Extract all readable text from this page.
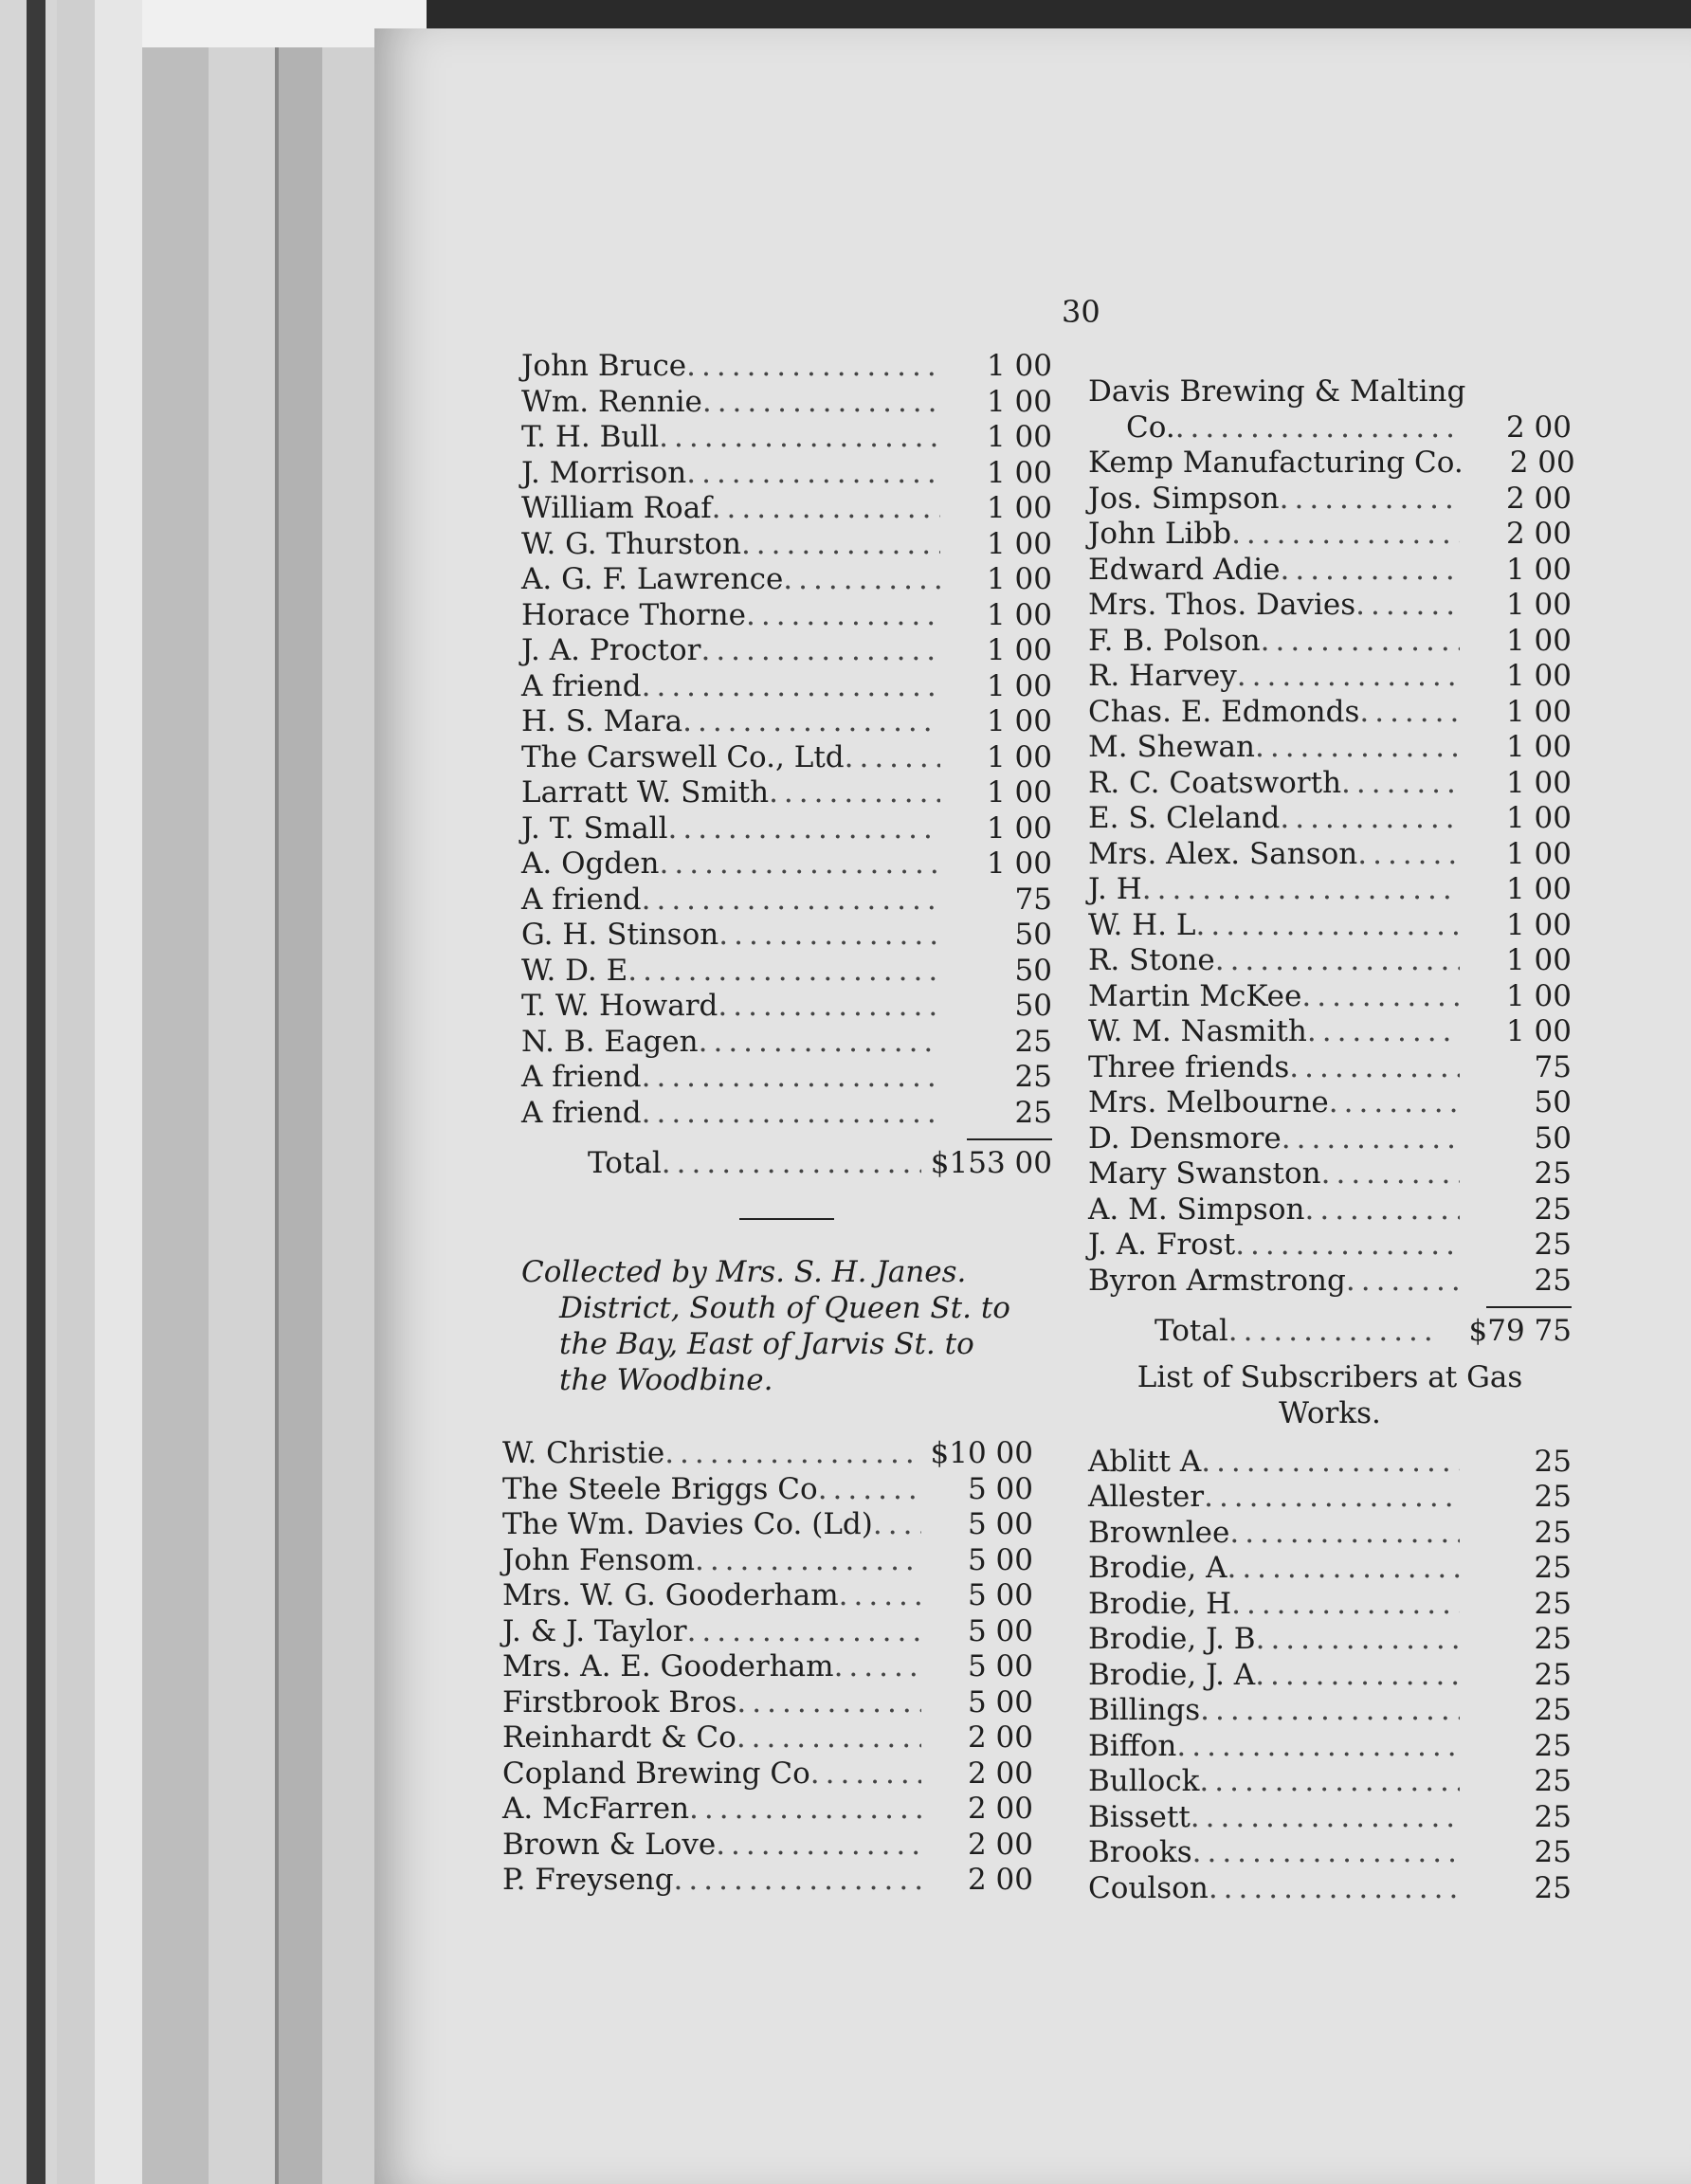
30
John Bruce .....	1 00
Wm. Rennie .....	1 00
T. H. Bull .....	1 00
J. Morrison .....	1 00
William Roaf .....	1 00
W. G. Thurston .....	1 00
A. G. F. Lawrence .....	1 00
Horace Thorne .....	1 00
J. A. Proctor .....	1 00
A friend .....	1 00
H. S. Mara .....	1 00
The Carswell Co., Ltd .....	1 00
Larratt W. Smith .....	1 00
J. T. Small .....	1 00
A. Ogden .....	1 00
A friend .....	75
G. H. Stinson .....	50
W. D. E .....	50
T. W. Howard .....	50
N. B. Eagen .....	25
A friend .....	25
A friend .....	25
Total .....	$153 00
Collected by Mrs. S. H. Janes.
District, South of Queen St. to
the Bay, East of Jarvis St. to
the Woodbine.
W. Christie .....	$10 00
The Steele Briggs Co .....	5 00
The Wm. Davies Co. (Ld) .....	5 00
John Fensom .....	5 00
Mrs. W. G. Gooderham .....	5 00
J. & J. Taylor .....	5 00
Mrs. A. E. Gooderham .....	5 00
Firstbrook Bros .....	5 00
Reinhardt & Co .....	2 00
Copland Brewing Co .....	2 00
A. McFarren .....	2 00
Brown & Love .....	2 00
P. Freyseng .....	2 00
Davis Brewing & Malting
Co. .....	2 00
Kemp Manufacturing Co.	2 00
Jos. Simpson .....	2 00
John Libb .....	2 00
Edward Adie .....	1 00
Mrs. Thos. Davies .....	1 00
F. B. Polson .....	1 00
R. Harvey .....	1 00
Chas. E. Edmonds .....	1 00
M. Shewan .....	1 00
R. C. Coatsworth .....	1 00
E. S. Cleland .....	1 00
Mrs. Alex. Sanson .....	1 00
J. H .....	1 00
W. H. L .....	1 00
R. Stone .....	1 00
Martin McKee .....	1 00
W. M. Nasmith .....	1 00
Three friends .....	75
Mrs. Melbourne .....	50
D. Densmore .....	50
Mary Swanston .....	25
A. M. Simpson .....	25
J. A. Frost .....	25
Byron Armstrong .....	25
Total .....	$79 75
List of Subscribers at Gas
Works.
Ablitt A .....	25
Allester .....	25
Brownlee .....	25
Brodie, A .....	25
Brodie, H .....	25
Brodie, J. B .....	25
Brodie, J. A .....	25
Billings .....	25
Biffon .....	25
Bullock .....	25
Bissett .....	25
Brooks .....	25
Coulson .....	25
